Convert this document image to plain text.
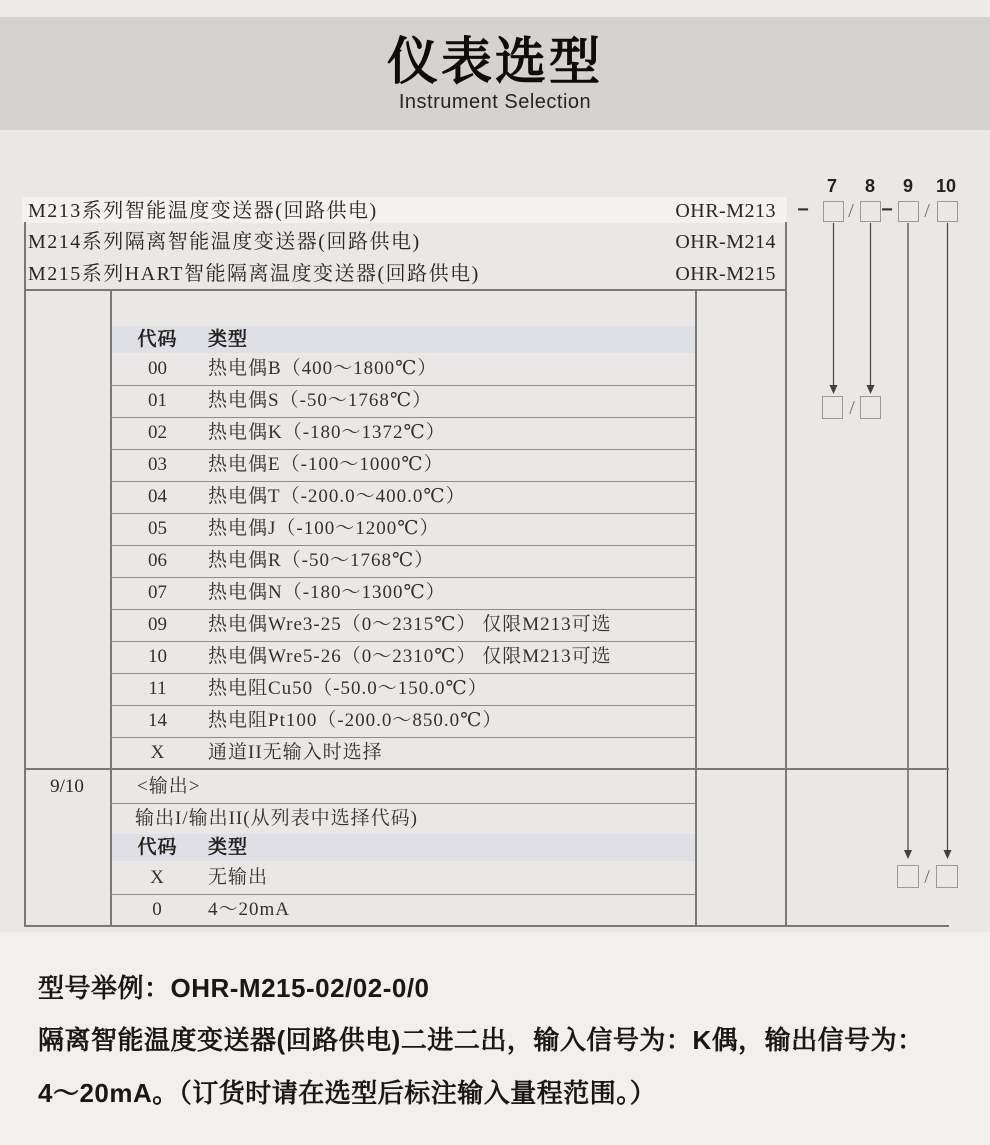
仪表选型
Instrument Selection
M213系列智能温度变送器(回路供电)	OHR-M213
M214系列隔离智能温度变送器(回路供电)	OHR-M214
M215系列HART智能隔离温度变送器(回路供电)	OHR-M215
7	8	9	10
− / − /
/
/
代码	类型
00	热电偶B（400～1800℃）
01	热电偶S（-50～1768℃）
02	热电偶K（-180～1372℃）
03	热电偶E（-100～1000℃）
04	热电偶T（-200.0～400.0℃）
05	热电偶J（-100～1200℃）
06	热电偶R（-50～1768℃）
07	热电偶N（-180～1300℃）
09	热电偶Wre3-25（0～2315℃） 仅限M213可选
10	热电偶Wre5-26（0～2310℃） 仅限M213可选
11	热电阻Cu50（-50.0～150.0℃）
14	热电阻Pt100（-200.0～850.0℃）
X	通道II无输入时选择
9/10	<输出>
输出I/输出II(从列表中选择代码)
代码	类型
X	无输出
0	4～20mA
型号举例：OHR-M215-02/02-0/0
隔离智能温度变送器(回路供电)二进二出，输入信号为：K偶，输出信号为：
4～20mA。（订货时请在选型后标注输入量程范围。）
